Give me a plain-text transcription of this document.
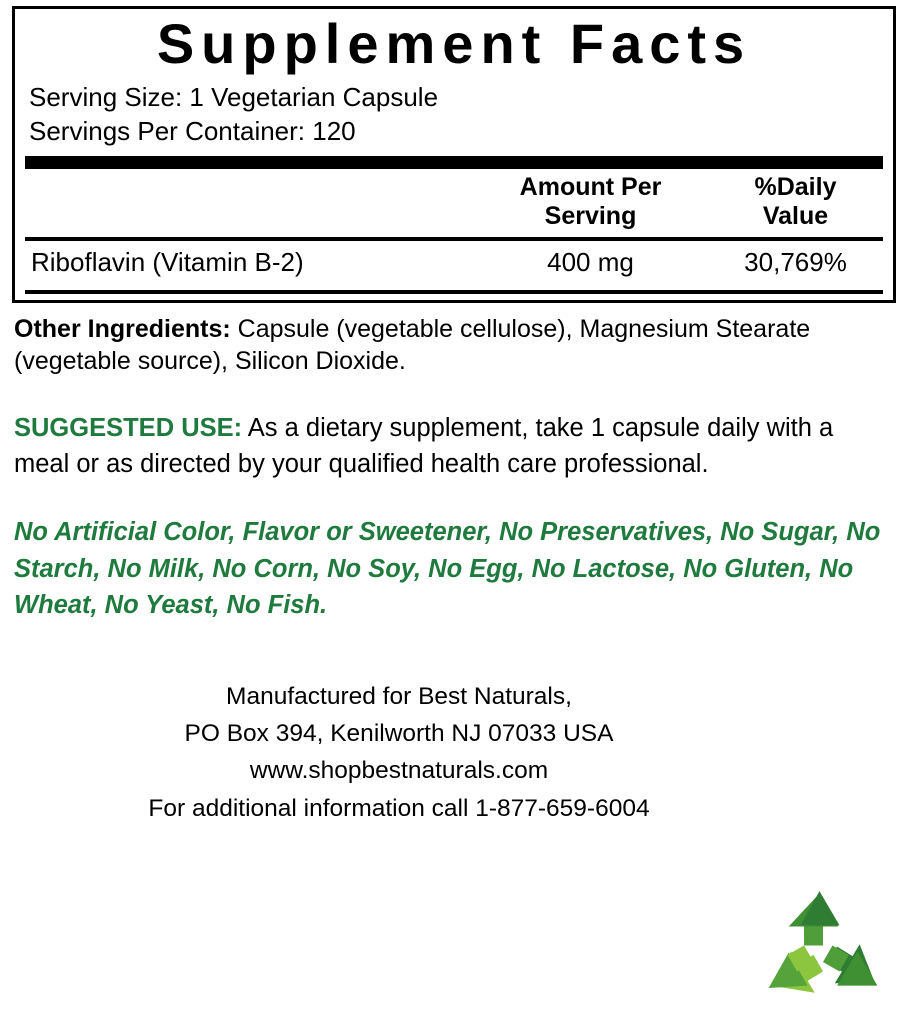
Supplement Facts
Serving Size: 1 Vegetarian Capsule
Servings Per Container: 120
Amount Per
Serving
%Daily
Value
Riboflavin (Vitamin B-2)	400 mg	30,769%

Other Ingredients: Capsule (vegetable cellulose), Magnesium Stearate (vegetable source), Silicon Dioxide.

SUGGESTED USE: As a dietary supplement, take 1 capsule daily with a meal or as directed by your qualified health care professional.

No Artificial Color, Flavor or Sweetener, No Preservatives, No Sugar, No Starch, No Milk, No Corn, No Soy, No Egg, No Lactose, No Gluten, No Wheat, No Yeast, No Fish.

Manufactured for Best Naturals,
PO Box 394, Kenilworth NJ 07033 USA
www.shopbestnaturals.com
For additional information call 1-877-659-6004
